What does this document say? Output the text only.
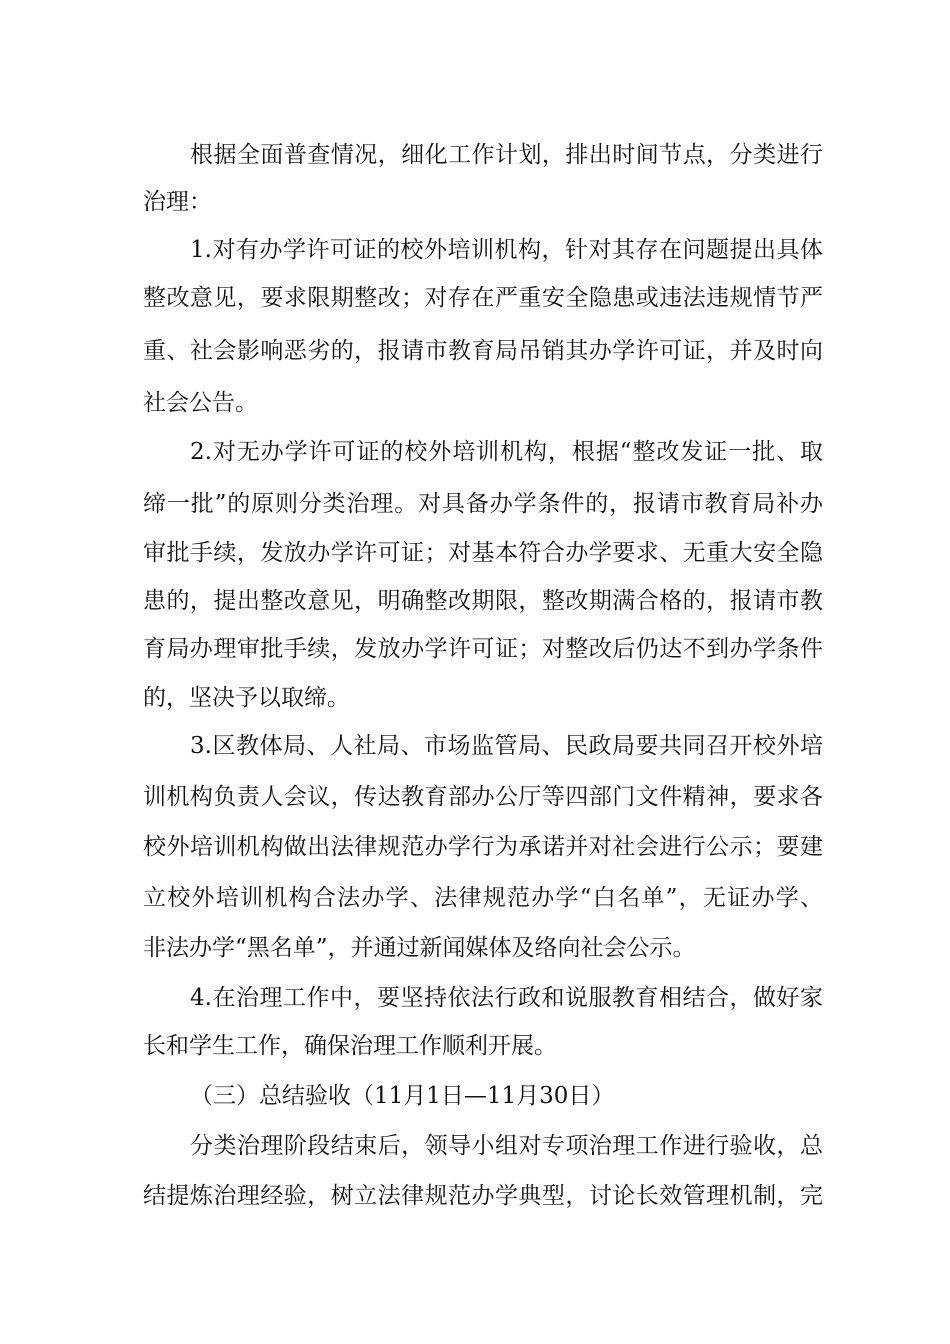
根据全面普查情况，细化工作计划，排出时间节点，分类进行
治理：
1.对有办学许可证的校外培训机构，针对其存在问题提出具体
整改意见，要求限期整改；对存在严重安全隐患或违法违规情节严
重、社会影响恶劣的，报请市教育局吊销其办学许可证，并及时向
社会公告。
2.对无办学许可证的校外培训机构，根据“整改发证一批、取
缔一批”的原则分类治理。对具备办学条件的，报请市教育局补办
审批手续，发放办学许可证；对基本符合办学要求、无重大安全隐
患的，提出整改意见，明确整改期限，整改期满合格的，报请市教
育局办理审批手续，发放办学许可证；对整改后仍达不到办学条件
的，坚决予以取缔。
3.区教体局、人社局、市场监管局、民政局要共同召开校外培
训机构负责人会议，传达教育部办公厅等四部门文件精神，要求各
校外培训机构做出法律规范办学行为承诺并对社会进行公示；要建
立校外培训机构合法办学、法律规范办学“白名单”，无证办学、
非法办学“黑名单”，并通过新闻媒体及络向社会公示。
4.在治理工作中，要坚持依法行政和说服教育相结合，做好家
长和学生工作，确保治理工作顺利开展。
（三）总结验收（11月1日—11月30日）
分类治理阶段结束后，领导小组对专项治理工作进行验收，总
结提炼治理经验，树立法律规范办学典型，讨论长效管理机制，完
